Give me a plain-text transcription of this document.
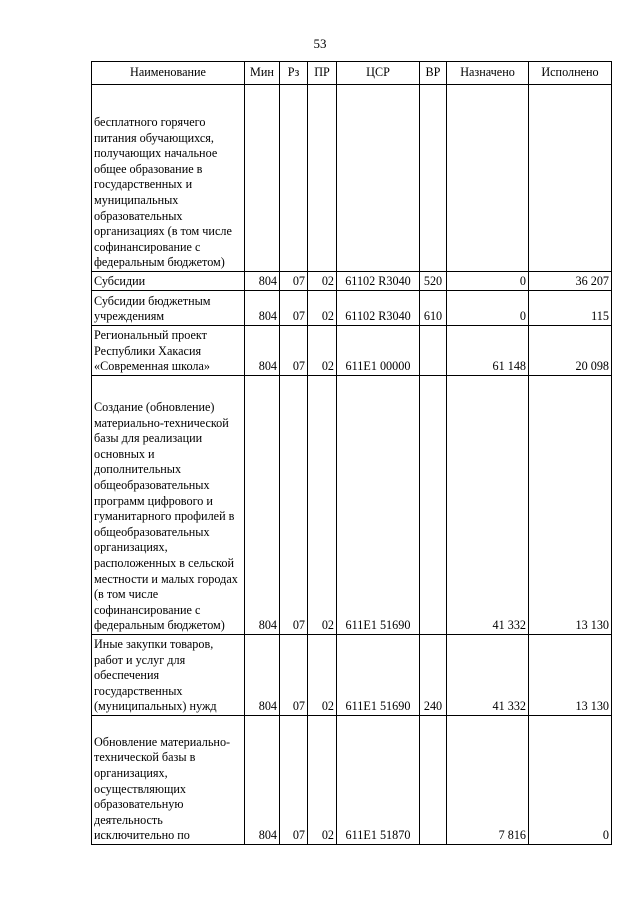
53
Наименование	Мин	Рз	ПР	ЦСР	ВР	Назначено	Исполнено
бесплатного горячего питания обучающихся, получающих начальное общее образование в государственных и муниципальных образовательных организациях (в том числе софинансирование с федеральным бюджетом)							
Субсидии	804	07	02	61102 R3040	520	0	36 207
Субсидии бюджетным учреждениям	804	07	02	61102 R3040	610	0	115
Региональный проект Республики Хакасия «Современная школа»	804	07	02	611E1 00000		61 148	20 098
Создание (обновление) материально-технической базы для реализации основных и дополнительных общеобразовательных программ цифрового и гуманитарного профилей в общеобразовательных организациях, расположенных в сельской местности и малых городах (в том числе софинансирование с федеральным бюджетом)	804	07	02	611E1 51690		41 332	13 130
Иные закупки товаров, работ и услуг для обеспечения государственных (муниципальных) нужд	804	07	02	611E1 51690	240	41 332	13 130
Обновление материально-технической базы в организациях, осуществляющих образовательную деятельность исключительно по	804	07	02	611E1 51870		7 816	0
